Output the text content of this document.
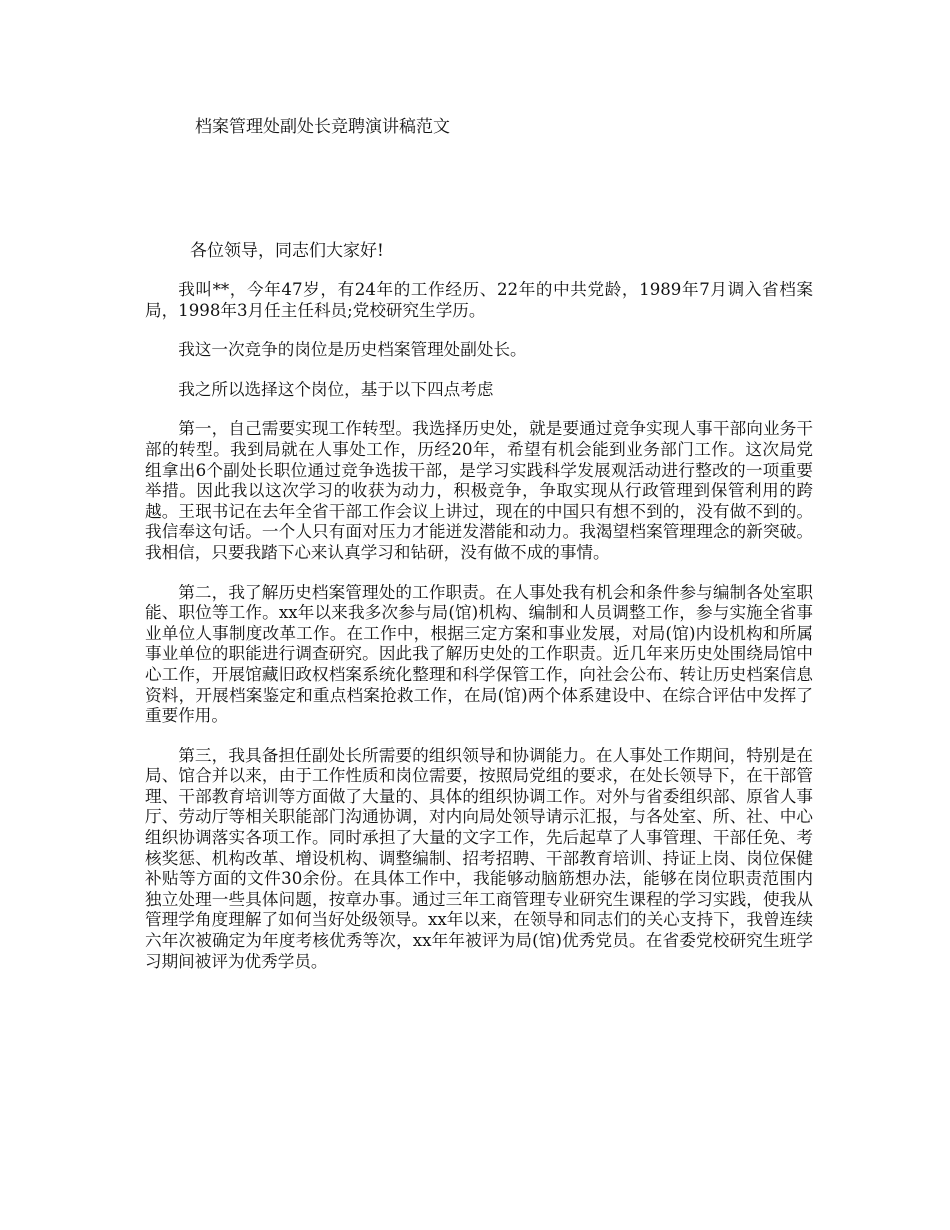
档案管理处副处长竞聘演讲稿范文
各位领导，同志们大家好!

我叫**，今年47岁，有24年的工作经历、22年的中共党龄，1989年7月调入省档案局，1998年3月任主任科员;党校研究生学历。

我这一次竞争的岗位是历史档案管理处副处长。

我之所以选择这个岗位，基于以下四点考虑

第一，自己需要实现工作转型。我选择历史处，就是要通过竞争实现人事干部向业务干部的转型。我到局就在人事处工作，历经20年，希望有机会能到业务部门工作。这次局党组拿出6个副处长职位通过竞争选拔干部，是学习实践科学发展观活动进行整改的一项重要举措。因此我以这次学习的收获为动力，积极竞争，争取实现从行政管理到保管利用的跨越。王珉书记在去年全省干部工作会议上讲过，现在的中国只有想不到的，没有做不到的。我信奉这句话。一个人只有面对压力才能迸发潜能和动力。我渴望档案管理理念的新突破。我相信，只要我踏下心来认真学习和钻研，没有做不成的事情。

第二，我了解历史档案管理处的工作职责。在人事处我有机会和条件参与编制各处室职能、职位等工作。xx年以来我多次参与局(馆)机构、编制和人员调整工作，参与实施全省事业单位人事制度改革工作。在工作中，根据三定方案和事业发展，对局(馆)内设机构和所属事业单位的职能进行调查研究。因此我了解历史处的工作职责。近几年来历史处围绕局馆中心工作，开展馆藏旧政权档案系统化整理和科学保管工作，向社会公布、转让历史档案信息资料，开展档案鉴定和重点档案抢救工作，在局(馆)两个体系建设中、在综合评估中发挥了重要作用。

第三，我具备担任副处长所需要的组织领导和协调能力。在人事处工作期间，特别是在局、馆合并以来，由于工作性质和岗位需要，按照局党组的要求，在处长领导下，在干部管理、干部教育培训等方面做了大量的、具体的组织协调工作。对外与省委组织部、原省人事厅、劳动厅等相关职能部门沟通协调，对内向局处领导请示汇报，与各处室、所、社、中心组织协调落实各项工作。同时承担了大量的文字工作，先后起草了人事管理、干部任免、考核奖惩、机构改革、增设机构、调整编制、招考招聘、干部教育培训、持证上岗、岗位保健补贴等方面的文件30余份。在具体工作中，我能够动脑筋想办法，能够在岗位职责范围内独立处理一些具体问题，按章办事。通过三年工商管理专业研究生课程的学习实践，使我从管理学角度理解了如何当好处级领导。xx年以来，在领导和同志们的关心支持下，我曾连续六年次被确定为年度考核优秀等次，xx年年被评为局(馆)优秀党员。在省委党校研究生班学习期间被评为优秀学员。
